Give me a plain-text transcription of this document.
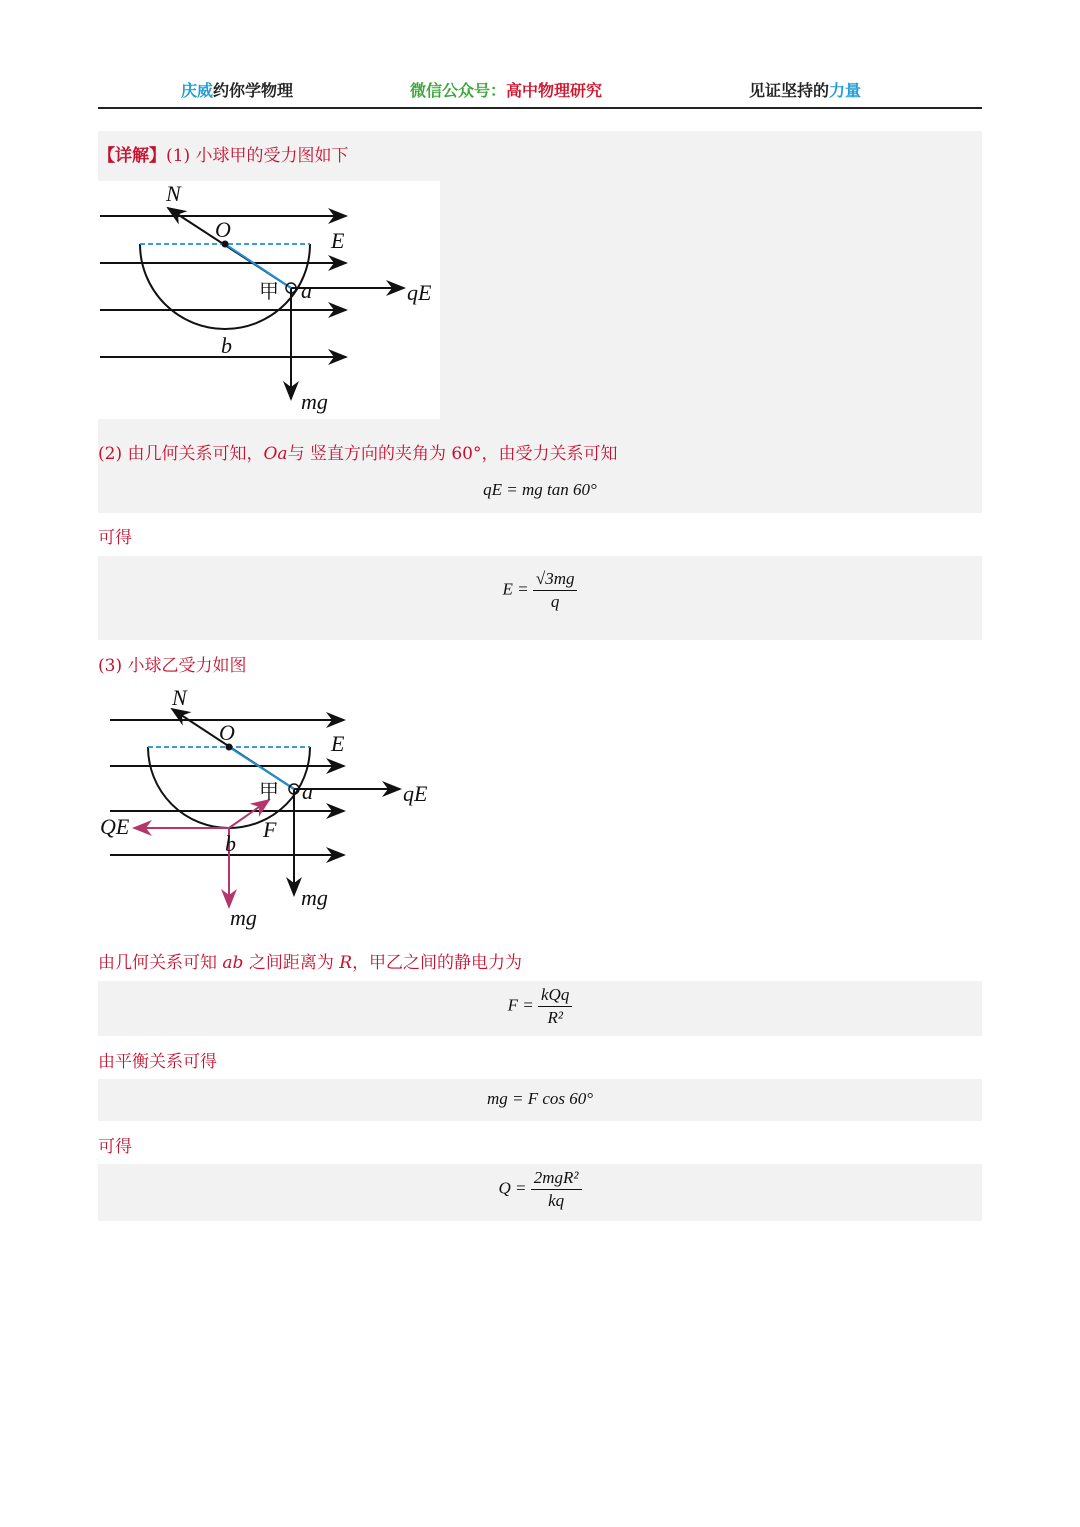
庆威约你学物理	微信公众号：高中物理研究	见证坚持的力量
【详解】(1) 小球甲的受力图如下
N
O	E
a	qE
b
mg
甲
(2) 由几何关系可知，Oa与 竖直方向的夹角为 60°，由受力关系可知
qE = mg tan 60°
可得
$E = \frac{√3mg}{q}$
(3) 小球乙受力如图
N
O	E
a	qE
QE	F
b
mg
mg
甲
由几何关系可知 ab 之间距离为 R，甲乙之间的静电力为
$F = \frac{\text{kQq}}{\text{R²}}$
由平衡关系可得
mg = F cos 60°
可得
$Q = \frac{\text{2mgR²}}{kq}$
